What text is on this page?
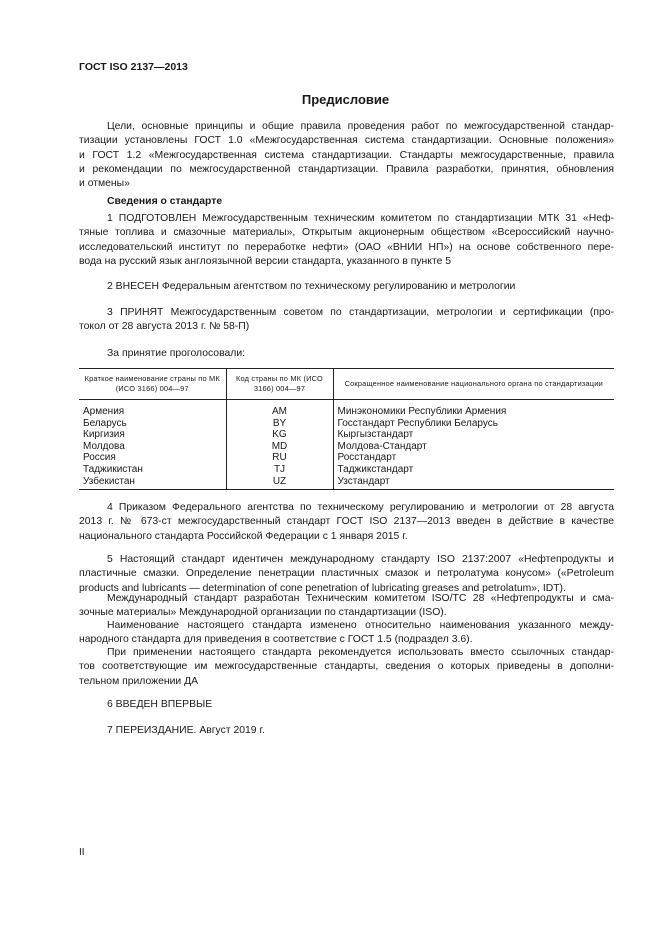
ГОСТ ISO 2137—2013
Предисловие
Цели, основные принципы и общие правила проведения работ по межгосударственной стандар-
тизации установлены ГОСТ 1.0 «Межгосударственная система стандартизации. Основные положения»
и ГОСТ 1.2 «Межгосударственная система стандартизации. Стандарты межгосударственные, правила
и рекомендации по межгосударственной стандартизации. Правила разработки, принятия, обновления
и отмены»
Сведения о стандарте
1 ПОДГОТОВЛЕН Межгосударственным техническим комитетом по стандартизации МТК 31 «Неф-
тяные топлива и смазочные материалы», Открытым акционерным обществом «Всероссийский научно-
исследовательский институт по переработке нефти» (ОАО «ВНИИ НП») на основе собственного пере-
вода на русский язык англоязычной версии стандарта, указанного в пункте 5
2 ВНЕСЕН Федеральным агентством по техническому регулированию и метрологии
3 ПРИНЯТ Межгосударственным советом по стандартизации, метрологии и сертификации (про-
токол от 28 августа 2013 г. № 58-П)
За принятие проголосовали:
Краткое наименование страны по МК (ИСО 3166) 004—97	Код страны по МК (ИСО 3166) 004—97	Сокращенное наименование национального органа по стандартизации
Армения	AM	Минэкономики Республики Армения
Беларусь	BY	Госстандарт Республики Беларусь
Киргизия	KG	Кыргызстандарт
Молдова	MD	Молдова-Стандарт
Россия	RU	Росстандарт
Таджикистан	TJ	Таджикстандарт
Узбекистан	UZ	Узстандарт
4 Приказом Федерального агентства по техническому регулированию и метрологии от 28 августа
2013 г. № 673-ст межгосударственный стандарт ГОСТ ISO 2137—2013 введен в действие в качестве
национального стандарта Российской Федерации с 1 января 2015 г.
5 Настоящий стандарт идентичен международному стандарту ISO 2137:2007 «Нефтепродукты и
пластичные смазки. Определение пенетрации пластичных смазок и петролатума конусом» («Petroleum
products and lubricants — determination of cone penetration of lubricating greases and petrolatum», IDT).
Международный стандарт разработан Техническим комитетом ISO/TC 28 «Нефтепродукты и сма-
зочные материалы» Международной организации по стандартизации (ISO).
Наименование настоящего стандарта изменено относительно наименования указанного между-
народного стандарта для приведения в соответствие с ГОСТ 1.5 (подраздел 3.6).
При применении настоящего стандарта рекомендуется использовать вместо ссылочных стандар-
тов соответствующие им межгосударственные стандарты, сведения о которых приведены в дополни-
тельном приложении ДА
6 ВВЕДЕН ВПЕРВЫЕ
7 ПЕРЕИЗДАНИЕ. Август 2019 г.
II
